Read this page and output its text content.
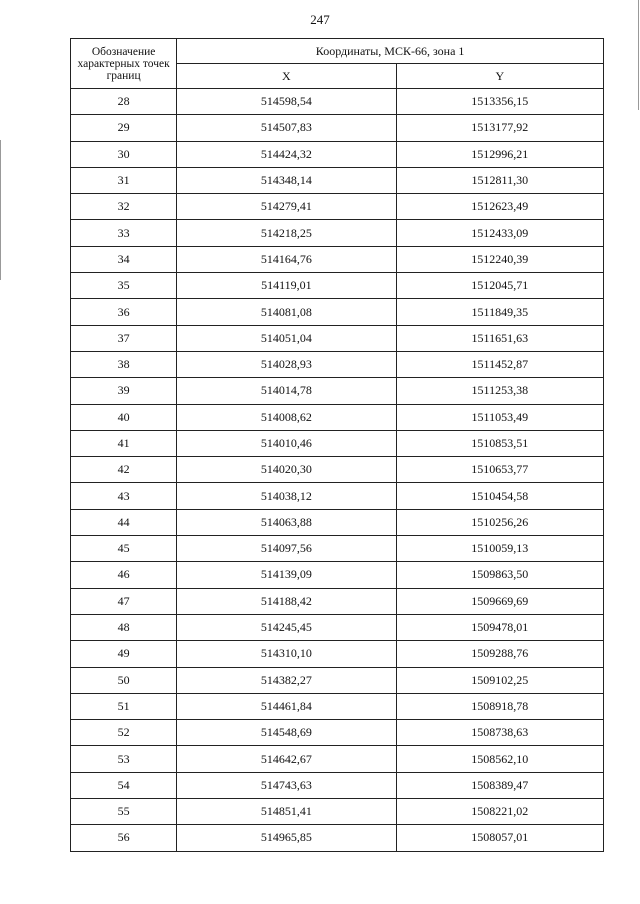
247
Обозначение характерных точек границ	Координаты, МСК-66, зона 1	
	X	Y
28	514598,54	1513356,15
29	514507,83	1513177,92
30	514424,32	1512996,21
31	514348,14	1512811,30
32	514279,41	1512623,49
33	514218,25	1512433,09
34	514164,76	1512240,39
35	514119,01	1512045,71
36	514081,08	1511849,35
37	514051,04	1511651,63
38	514028,93	1511452,87
39	514014,78	1511253,38
40	514008,62	1511053,49
41	514010,46	1510853,51
42	514020,30	1510653,77
43	514038,12	1510454,58
44	514063,88	1510256,26
45	514097,56	1510059,13
46	514139,09	1509863,50
47	514188,42	1509669,69
48	514245,45	1509478,01
49	514310,10	1509288,76
50	514382,27	1509102,25
51	514461,84	1508918,78
52	514548,69	1508738,63
53	514642,67	1508562,10
54	514743,63	1508389,47
55	514851,41	1508221,02
56	514965,85	1508057,01
